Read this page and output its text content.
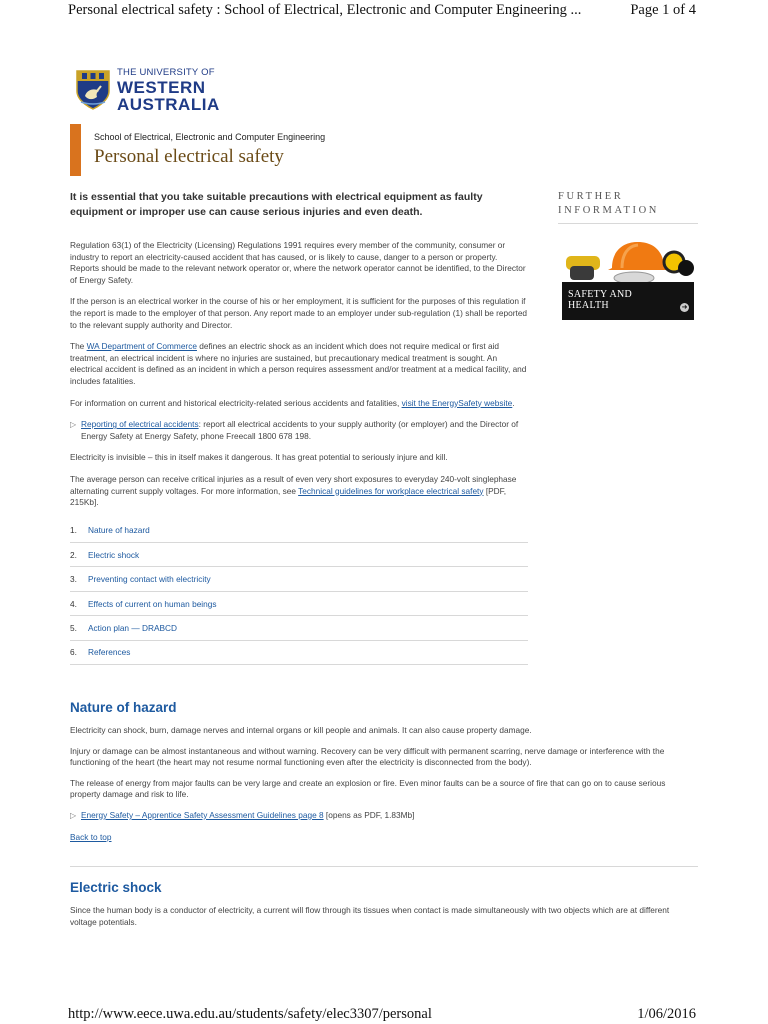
Personal electrical safety : School of Electrical, Electronic and Computer Engineering ...	Page 1 of 4
THE UNIVERSITY OF
WESTERN
AUSTRALIA
School of Electrical, Electronic and Computer Engineering
Personal electrical safety

It is essential that you take suitable precautions with electrical equipment as faulty equipment or improper use can cause serious injuries and even death.

Regulation 63(1) of the Electricity (Licensing) Regulations 1991 requires every member of the community, consumer or industry to report an electricity-caused accident that has caused, or is likely to cause, danger to a person or property. Reports should be made to the relevant network operator or, where the network operator cannot be identified, to the Director of Energy Safety.

If the person is an electrical worker in the course of his or her employment, it is sufficient for the purposes of this regulation if the report is made to the employer of that person. Any report made to an employer under sub-regulation (1) shall be reported to the relevant supply authority and Director.

The WA Department of Commerce defines an electric shock as an incident which does not require medical or first aid treatment, an electrical incident is where no injuries are sustained, but precautionary medical treatment is sought. An electrical accident is defined as an incident in which a person requires assessment and/or treatment at a medical facility, and includes fatalities.

For information on current and historical electricity-related serious accidents and fatalities, visit the EnergySafety website.

▷ Reporting of electrical accidents: report all electrical accidents to your supply authority (or employer) and the Director of Energy Safety at Energy Safety, phone Freecall 1800 678 198.

Electricity is invisible – this in itself makes it dangerous. It has great potential to seriously injure and kill.

The average person can receive critical injuries as a result of even very short exposures to everyday 240-volt singlephase alternating current supply voltages. For more information, see Technical guidelines for workplace electrical safety [PDF, 215Kb].

1.	Nature of hazard
2.	Electric shock
3.	Preventing contact with electricity
4.	Effects of current on human beings
5.	Action plan — DRABCD
6.	References
FURTHER
INFORMATION
SAFETY AND
HEALTH	➜
Nature of hazard

Electricity can shock, burn, damage nerves and internal organs or kill people and animals. It can also cause property damage.

Injury or damage can be almost instantaneous and without warning. Recovery can be very difficult with permanent scarring, nerve damage or interference with the functioning of the heart (the heart may not resume normal functioning even after the electricity is disconnected from the body).

The release of energy from major faults can be very large and create an explosion or fire. Even minor faults can be a source of fire that can go on to cause serious property damage and risk to life.

▷ Energy Safety – Apprentice Safety Assessment Guidelines page 8 [opens as PDF, 1.83Mb]
Back to top
Electric shock

Since the human body is a conductor of electricity, a current will flow through its tissues when contact is made simultaneously with two objects which are at different voltage potentials.

http://www.eece.uwa.edu.au/students/safety/elec3307/personal	1/06/2016
